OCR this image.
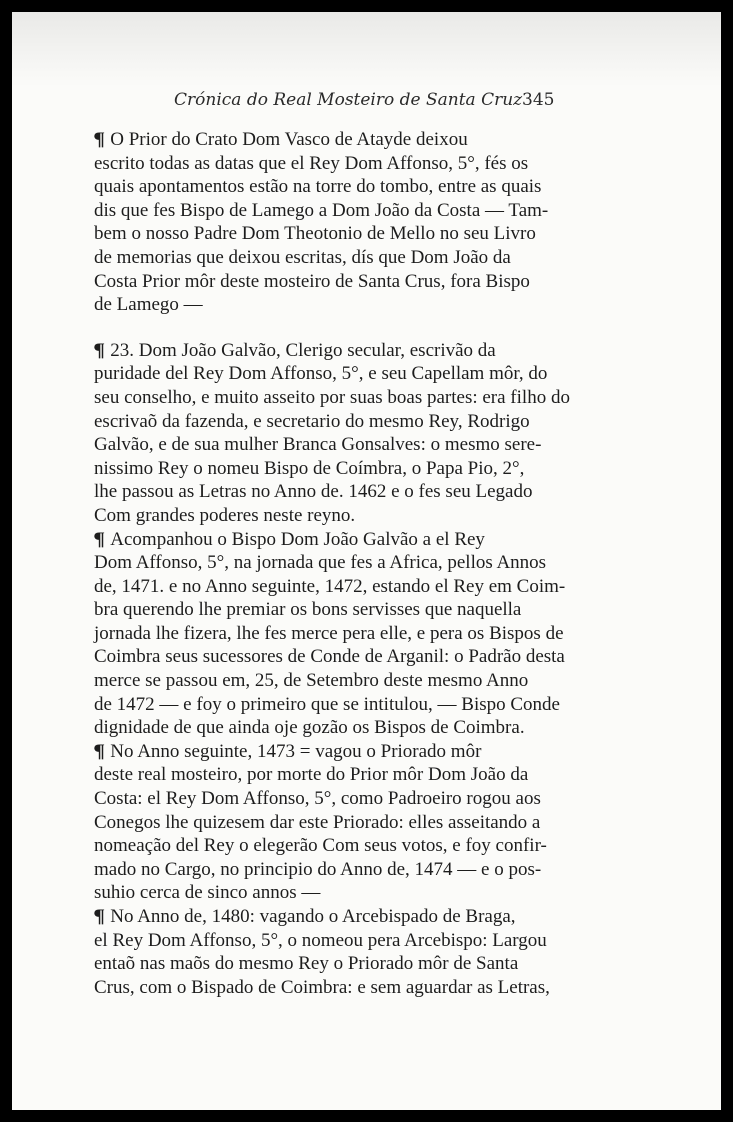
Crónica do Real Mosteiro de Santa Cruz 345

¶ O Prior do Crato Dom Vasco de Atayde deixou
escrito todas as datas que el Rey Dom Affonso, 5°, fés os
quais apontamentos estão na torre do tombo, entre as quais
dis que fes Bispo de Lamego a Dom João da Costa — Tam-
bem o nosso Padre Dom Theotonio de Mello no seu Livro
de memorias que deixou escritas, dís que Dom João da
Costa Prior môr deste mosteiro de Santa Crus, fora Bispo
de Lamego —

¶ 23. Dom João Galvão, Clerigo secular, escrivão da
puridade del Rey Dom Affonso, 5°, e seu Capellam môr, do
seu conselho, e muito asseito por suas boas partes: era filho do
escrivaõ da fazenda, e secretario do mesmo Rey, Rodrigo
Galvão, e de sua mulher Branca Gonsalves: o mesmo sere-
nissimo Rey o nomeu Bispo de Coímbra, o Papa Pio, 2°,
lhe passou as Letras no Anno de. 1462 e o fes seu Legado
Com grandes poderes neste reyno.

¶ Acompanhou o Bispo Dom João Galvão a el Rey
Dom Affonso, 5°, na jornada que fes a Africa, pellos Annos
de, 1471. e no Anno seguinte, 1472, estando el Rey em Coim-
bra querendo lhe premiar os bons servisses que naquella
jornada lhe fizera, lhe fes merce pera elle, e pera os Bispos de
Coimbra seus sucessores de Conde de Arganil: o Padrão desta
merce se passou em, 25, de Setembro deste mesmo Anno
de 1472 — e foy o primeiro que se intitulou, — Bispo Conde
dignidade de que ainda oje gozão os Bispos de Coimbra.

¶ No Anno seguinte, 1473 = vagou o Priorado môr
deste real mosteiro, por morte do Prior môr Dom João da
Costa: el Rey Dom Affonso, 5°, como Padroeiro rogou aos
Conegos lhe quizesem dar este Priorado: elles asseitando a
nomeação del Rey o elegerão Com seus votos, e foy confir-
mado no Cargo, no principio do Anno de, 1474 — e o pos-
suhio cerca de sinco annos —

¶ No Anno de, 1480: vagando o Arcebispado de Braga,
el Rey Dom Affonso, 5°, o nomeou pera Arcebispo: Largou
entaõ nas maõs do mesmo Rey o Priorado môr de Santa
Crus, com o Bispado de Coimbra: e sem aguardar as Letras,
